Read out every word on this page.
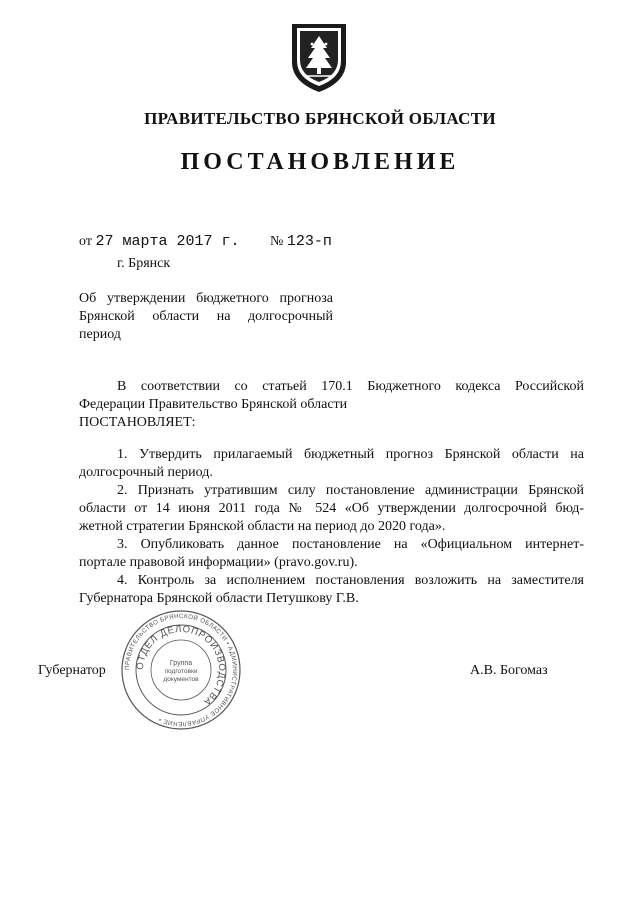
ПРАВИТЕЛЬСТВО БРЯНСКОЙ ОБЛАСТИ
ПОСТАНОВЛЕНИЕ
от 27 марта 2017 г. № 123-п
г. Брянск
Об утверждении бюджетного прогноза
Брянской области на долгосрочный
период
В соответствии со статьей 170.1 Бюджетного кодекса Российской
Федерации Правительство Брянской области
ПОСТАНОВЛЯЕТ:
1. Утвердить прилагаемый бюджетный прогноз Брянской области на
долгосрочный период.
2. Признать утратившим силу постановление администрации Брянской
области от 14 июня 2011 года № 524 «Об утверждении долгосрочной бюд-
жетной стратегии Брянской области на период до 2020 года».
3. Опубликовать данное постановление на «Официальном интернет-
портале правовой информации» (pravo.gov.ru).
4. Контроль за исполнением постановления возложить на заместителя
Губернатора Брянской области Петушкову Г.В.
Губернатор	А.В. Богомаз
ПРАВИТЕЛЬСТВО БРЯНСКОЙ ОБЛАСТИ • АДМИНИСТРАТИВНОЕ УПРАВЛЕНИЕ •
ОТДЕЛ ДЕЛОПРОИЗВОДСТВА
Группа
подготовки
документов
